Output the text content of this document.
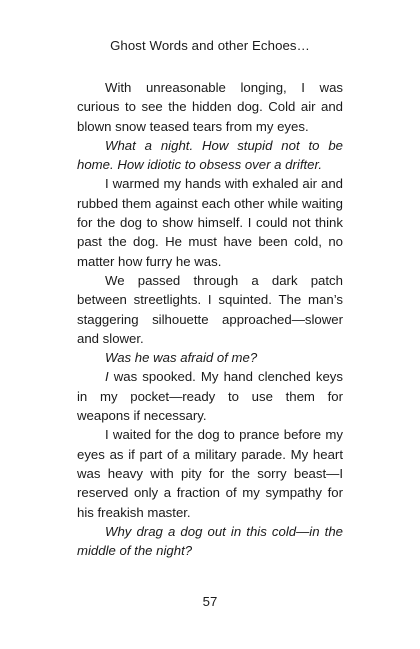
Ghost Words and other Echoes…

With unreasonable longing, I was curious to see the hidden dog. Cold air and blown snow teased tears from my eyes.

What a night. How stupid not to be home. How idiotic to obsess over a drifter.

I warmed my hands with exhaled air and rubbed them against each other while waiting for the dog to show himself. I could not think past the dog. He must have been cold, no matter how furry he was.

We passed through a dark patch between streetlights. I squinted. The man’s staggering silhouette approached—slower and slower.

Was he was afraid of me?

I was spooked. My hand clenched keys in my pocket—ready to use them for weapons if necessary.

I waited for the dog to prance before my eyes as if part of a military parade. My heart was heavy with pity for the sorry beast—I reserved only a fraction of my sympathy for his freakish master.

Why drag a dog out in this cold—in the middle of the night?

57
